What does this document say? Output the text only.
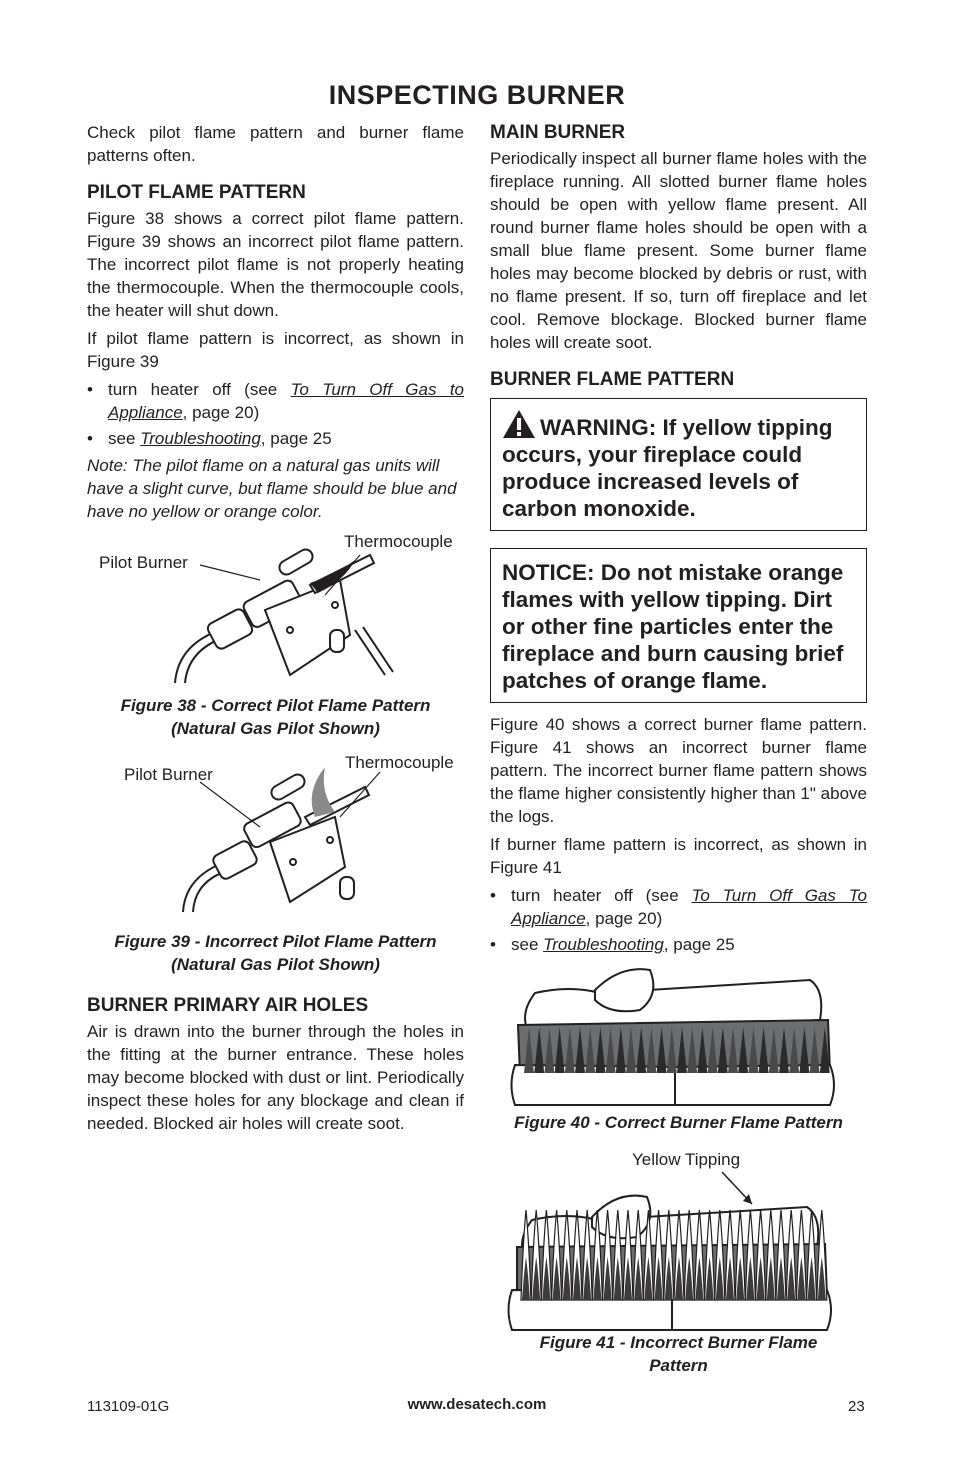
INSPECTING BURNER

Check pilot flame pattern and burner flame patterns often.

PILOT FLAME PATTERN

Figure 38 shows a correct pilot flame pattern. Figure 39 shows an incorrect pilot flame pattern. The incorrect pilot flame is not properly heating the thermocouple. When the thermocouple cools, the heater will shut down.

If pilot flame pattern is incorrect, as shown in Figure 39

• turn heater off (see To Turn Off Gas to Appliance, page 20)
• see Troubleshooting, page 25

Note: The pilot flame on a natural gas units will have a slight curve, but flame should be blue and have no yellow or orange color.

Pilot Burner
Thermocouple
Figure 38 - Correct Pilot Flame Pattern
(Natural Gas Pilot Shown)
Pilot Burner
Thermocouple
Figure 39 - Incorrect Pilot Flame Pattern
(Natural Gas Pilot Shown)
BURNER PRIMARY AIR HOLES

Air is drawn into the burner through the holes in the fitting at the burner entrance. These holes may become blocked with dust or lint. Periodically inspect these holes for any blockage and clean if needed. Blocked air holes will create soot.

MAIN BURNER

Periodically inspect all burner flame holes with the fireplace running. All slotted burner flame holes should be open with yellow flame present. All round burner flame holes should be open with a small blue flame present. Some burner flame holes may become blocked by debris or rust, with no flame present. If so, turn off fireplace and let cool. Remove blockage. Blocked burner flame holes will create soot.

BURNER FLAME PATTERN
WARNING: If yellow tipping occurs, your fireplace could produce increased levels of carbon monoxide.
NOTICE: Do not mistake orange flames with yellow tipping. Dirt or other fine particles enter the fireplace and burn causing brief patches of orange flame.

Figure 40 shows a correct burner flame pattern. Figure 41 shows an incorrect burner flame pattern. The incorrect burner flame pattern shows the flame higher consistently higher than 1" above the logs.

If burner flame pattern is incorrect, as shown in Figure 41

• turn heater off (see To Turn Off Gas To Appliance, page 20)
• see Troubleshooting, page 25
Figure 40 - Correct Burner Flame Pattern
Yellow Tipping
Figure 41 - Incorrect Burner Flame
Pattern
113109-01G	www.desatech.com	23
